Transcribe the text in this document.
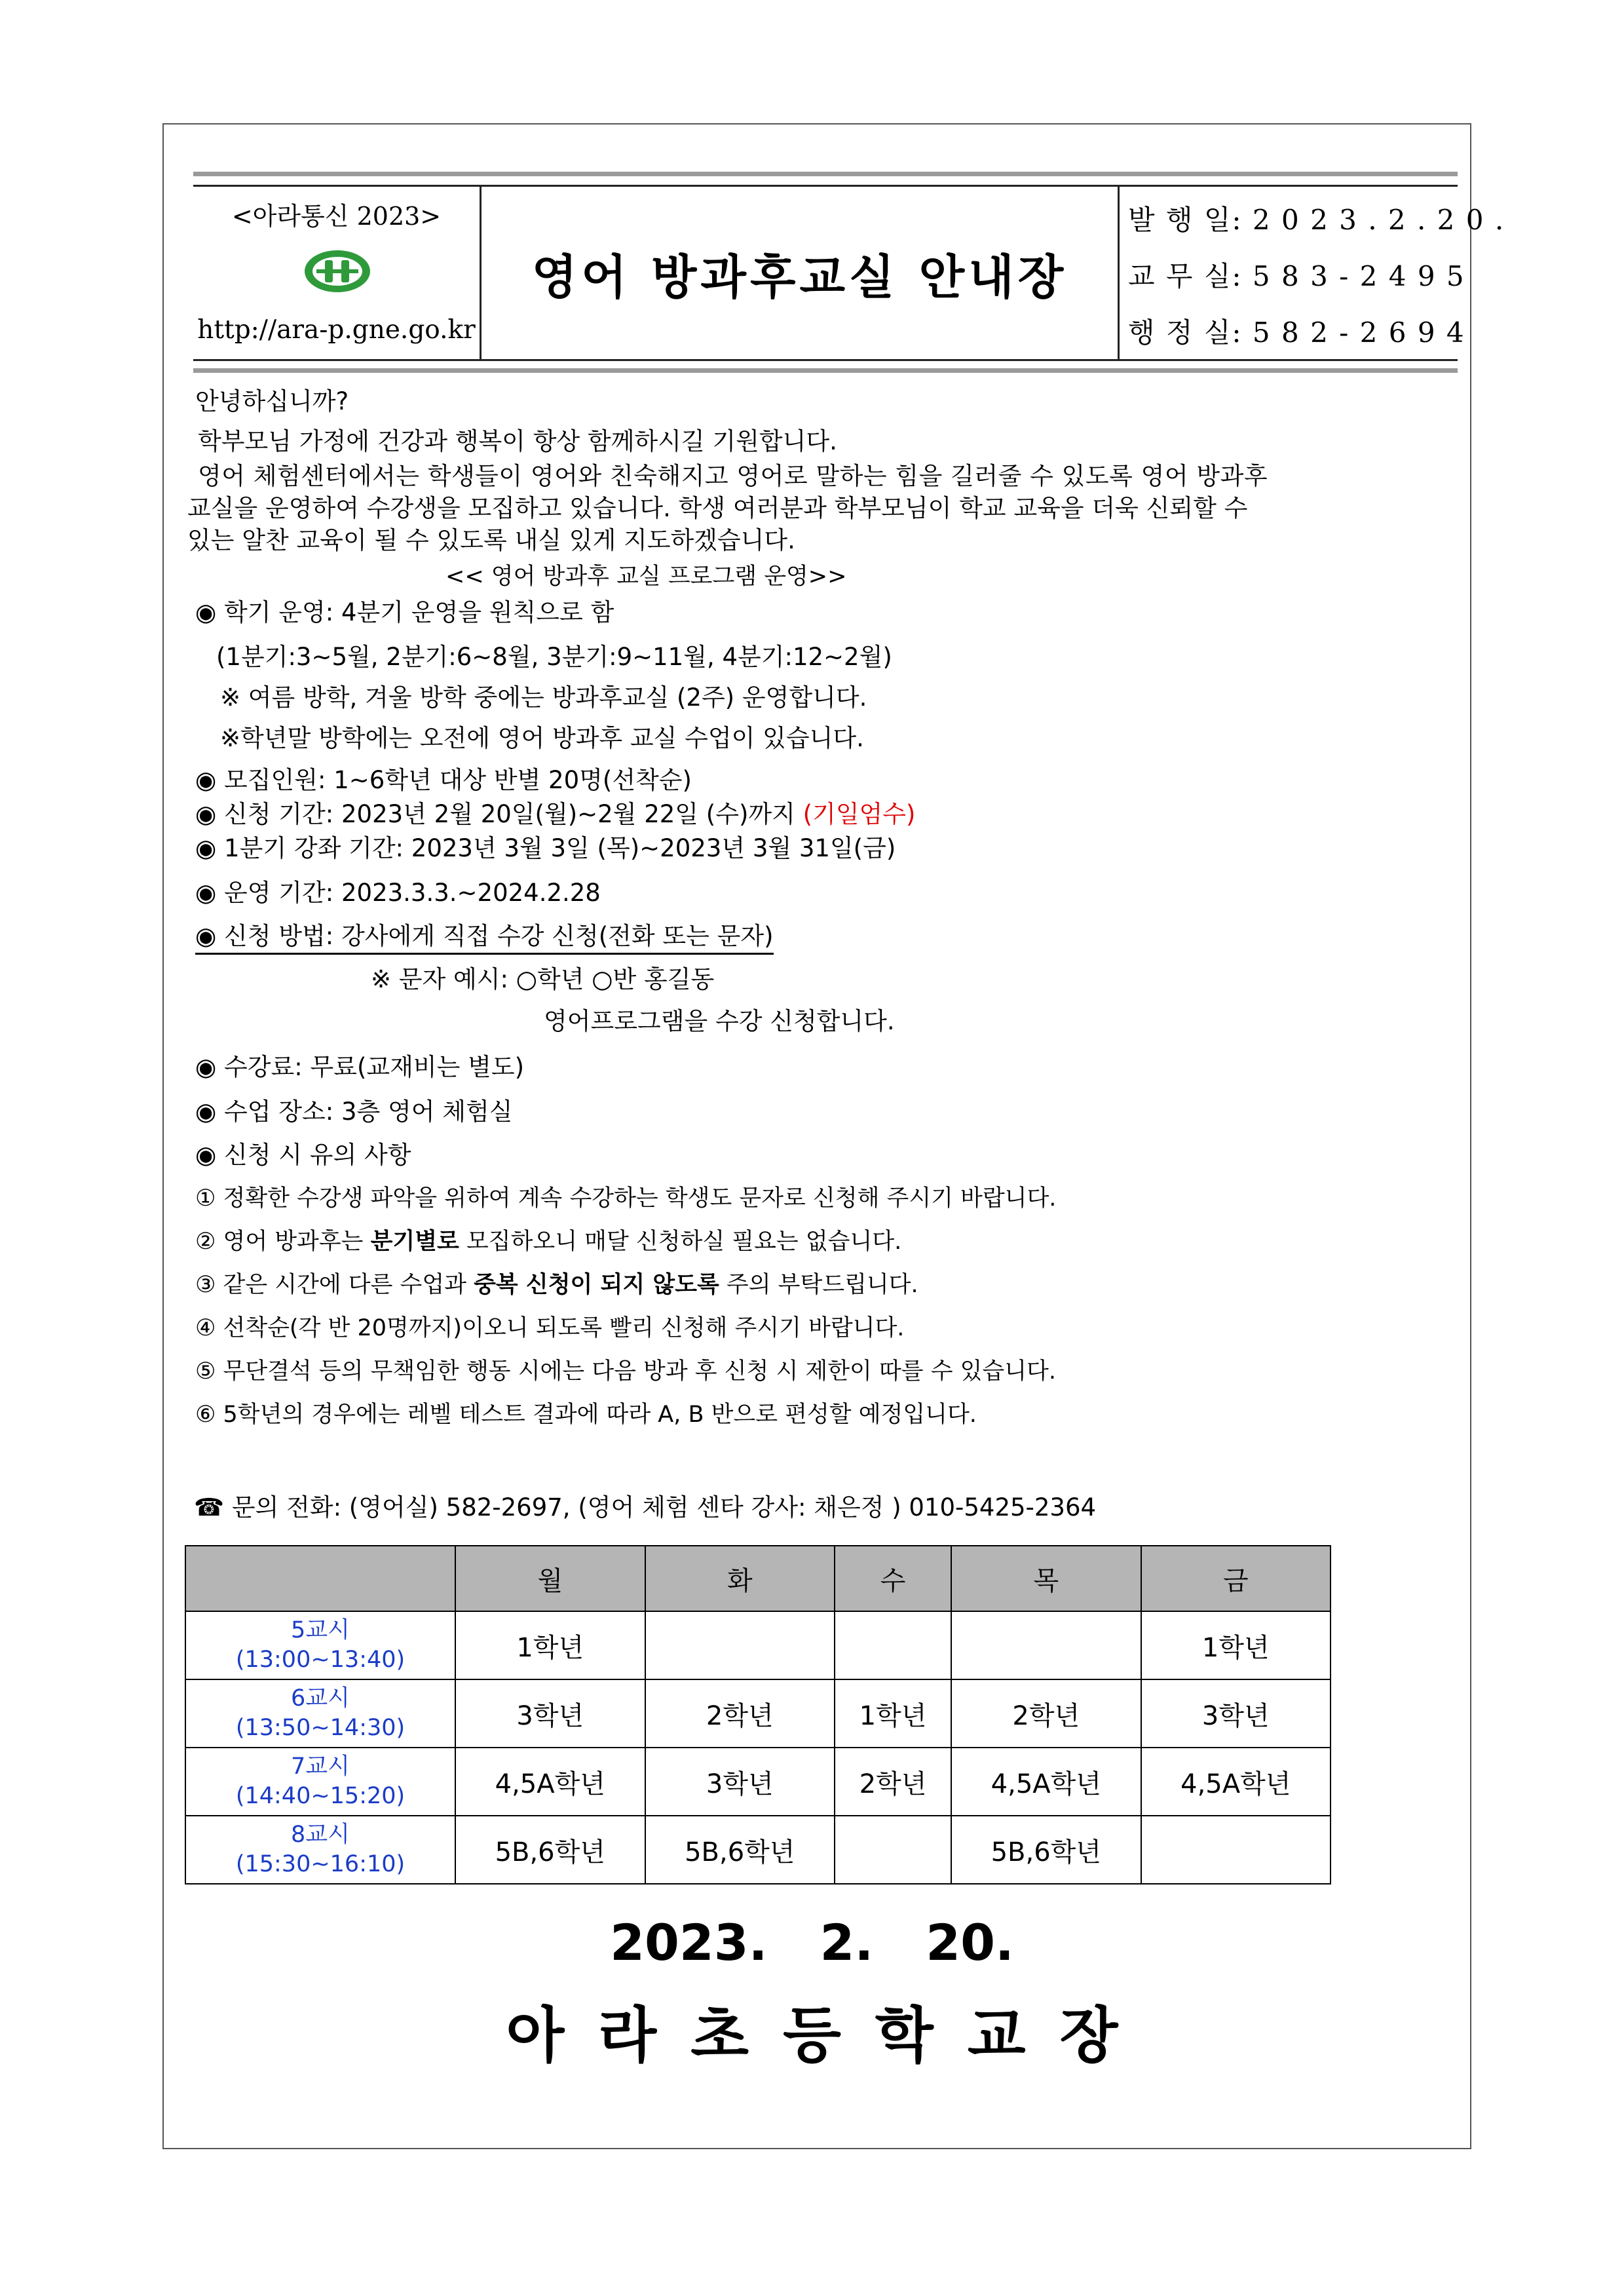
<아라통신 2023>
http://ara-p.gne.go.kr
영어 방과후교실 안내장
발 행 일: 2 0 2 3 . 2 . 2 0 .
교 무 실: 5 8 3 - 2 4 9 5
행 정 실: 5 8 2 - 2 6 9 4
안녕하십니까?
학부모님 가정에 건강과 행복이 항상 함께하시길 기원합니다.
영어 체험센터에서는 학생들이 영어와 친숙해지고 영어로 말하는 힘을 길러줄 수 있도록 영어 방과후
교실을 운영하여 수강생을 모집하고 있습니다. 학생 여러분과 학부모님이 학교 교육을 더욱 신뢰할 수
있는 알찬 교육이 될 수 있도록 내실 있게 지도하겠습니다.
<< 영어 방과후 교실 프로그램 운영>>
◉ 학기 운영: 4분기 운영을 원칙으로 함
(1분기:3~5월, 2분기:6~8월, 3분기:9~11월, 4분기:12~2월)
※ 여름 방학, 겨울 방학 중에는 방과후교실 (2주) 운영합니다.
※학년말 방학에는 오전에 영어 방과후 교실 수업이 있습니다.
◉ 모집인원: 1~6학년 대상 반별 20명(선착순)
◉ 신청 기간: 2023년 2월 20일(월)~2월 22일 (수)까지 (기일엄수)
◉ 1분기 강좌 기간: 2023년 3월 3일 (목)~2023년 3월 31일(금)
◉ 운영 기간: 2023.3.3.~2024.2.28
◉ 신청 방법: 강사에게 직접 수강 신청(전화 또는 문자)
※ 문자 예시: ○학년 ○반 홍길동
영어프로그램을 수강 신청합니다.
◉ 수강료: 무료(교재비는 별도)
◉ 수업 장소: 3층 영어 체험실
◉ 신청 시 유의 사항
① 정확한 수강생 파악을 위하여 계속 수강하는 학생도 문자로 신청해 주시기 바랍니다.
② 영어 방과후는 분기별로 모집하오니 매달 신청하실 필요는 없습니다.
③ 같은 시간에 다른 수업과 중복 신청이 되지 않도록 주의 부탁드립니다.
④ 선착순(각 반 20명까지)이오니 되도록 빨리 신청해 주시기 바랍니다.
⑤ 무단결석 등의 무책임한 행동 시에는 다음 방과 후 신청 시 제한이 따를 수 있습니다.
⑥ 5학년의 경우에는 레벨 테스트 결과에 따라 A, B 반으로 편성할 예정입니다.
☎ 문의 전화: (영어실) 582-2697, (영어 체험 센타 강사: 채은정 ) 010-5425-2364
	월	화	수	목	금

5교시
(13:00~13:40)	1학년				1학년

6교시
(13:50~14:30)	3학년	2학년	1학년	2학년	3학년

7교시
(14:40~15:20)	4,5A학년	3학년	2학년	4,5A학년	4,5A학년

8교시
(15:30~16:10)	5B,6학년	5B,6학년		5B,6학년	
2023. 2. 20.
아라초등학교장
